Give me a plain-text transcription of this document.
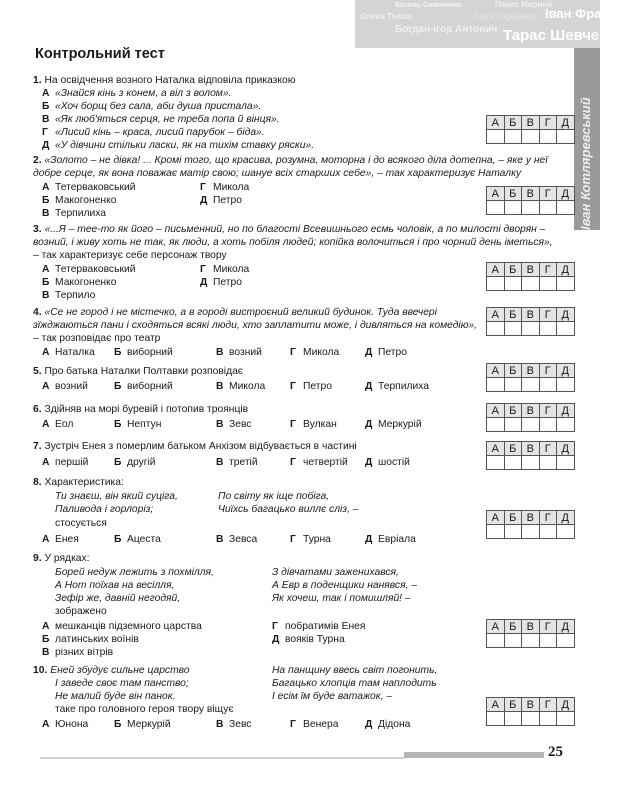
Василь Симоненко	Панас Мирний
Олена Теліга	Леся Українка Іван Франко
Богдан-Ігор Антонич Тарас Шевченко
Іван Котляревський
Контрольний тест
1. На освідчення возного Наталка відповіла приказкою
А «Знайся кінь з конем, а віл з волом».
Б «Хоч борщ без сала, аби душа пристала».
В «Як люб'яться серця, не треба попа й вінця».
Г «Лисий кінь – краса, лисий парубок – біда».
Д «У дівчини стільки ласки, як на тихім ставку ряски».
А	Б	В	Г	Д

2. «Золото – не дівка! ... Кромі того, що красива, розумна, моторна і до всякого діла дотепна, – яке у неї
добре серце, як вона поважає матір свою; шануе всіх старших себе», – так характеризує Наталку
А Тетерваковський	Г Микола
Б Макогоненко	Д Петро
В Терпилиха
А	Б	В	Г	Д

3. «...Я – тее-то як його – письменний, но по благості Всевишнього есмь чоловік, а по милості дворян –
возний, і живу хоть не так, як люди, а хоть побіля людей; копійка волочиться і про чорний день іметься»,
– так характеризує себе персонаж твору
А Тетерваковський	Г Микола
Б Макогоненко	Д Петро
В Терпило
А	Б	В	Г	Д

4. «Се не город і не містечко, а в городі вистроєний великий будинок. Туда ввечері
зїжджаються пани і сходяться всякі люди, хто заплатити може, і дивляться на комедію»,
– так розповідає про театр
А Наталка Б виборний	В возний	Г Микола	Д Петро
А	Б	В	Г	Д

5. Про батька Наталки Полтавки розповідає
А возний	Б виборний	В Микола Г Петро	Д Терпилиха
А	Б	В	Г	Д

6. Здійняв на морі буревій і потопив троянців
А Еол	Б Нептун	В Зевс	Г Вулкан	Д Меркурій
А	Б	В	Г	Д

7. Зустріч Енея з померлим батьком Анхізом відбувається в частині
А першій Б другій	В третій	Г четвертій Д шостій
А	Б	В	Г	Д

8. Характеристика:
Ти знаєш, він який суціга,
Паливода і горлоріз;
По світу як іще побіга,
Чиїхсь багацько виллє сліз, –
стосується
А Енея	Б Ацеста	В Зевса	Г Турна	Д Евріала
А	Б	В	Г	Д

9. У рядках:
Борей недуж лежить з похмілля,
А Нот поїхав на весілля,
Зефір же, давній негодяй,
З дівчатами заженихався,
А Евр в поденщики нанявся, –
Як хочеш, так і помишляй! –
зображено
А мешканців підземного царства	Г побратимів Енея
Б латинських воїнів	Д вояків Турна
В різних вітрів
А	Б	В	Г	Д

10. Еней збудує сильне царство
І заведе своє там панство;
Не малий буде він панок.
На панщину ввесь світ погонить,
Багацько хлопців там наплодить
І есім їм буде ватажок, –
таке про головного героя твору віщує
А Юнона	Б Меркурій	В Зевс	Г Венера	Д Дідона
А	Б	В	Г	Д

25
